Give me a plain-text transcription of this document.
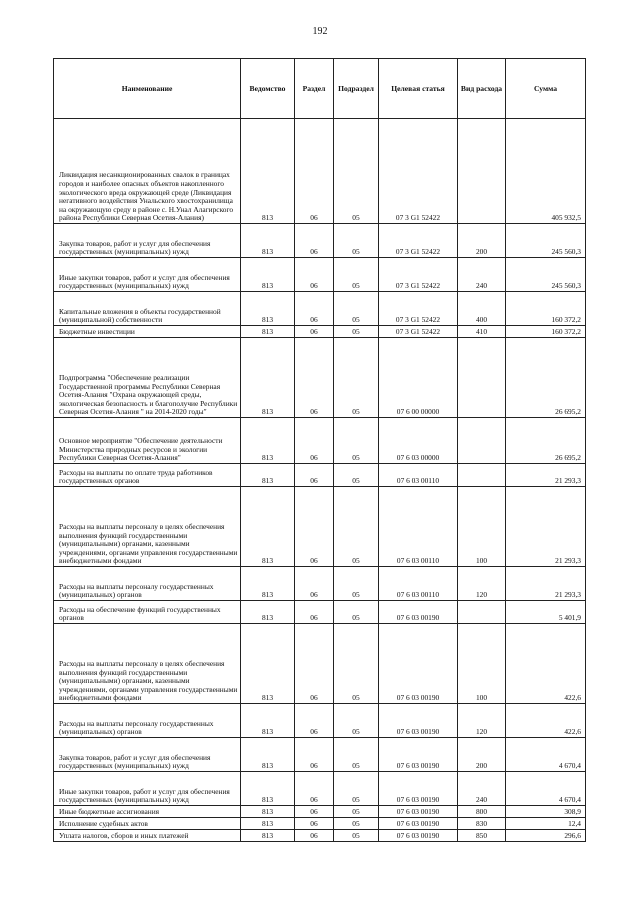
192
Наименование	Ведомство	Раздел	Подраздел	Целевая статья	Вид расхода	Сумма
Ликвидация несанкционированных свалок в границах городов и наиболее опасных объектов накопленного экологического вреда окружающей среде (Ликвидация негативного воздействия Унальского хвостохранилища на окружающую среду в районе с. Н.Унал Алагирского района Республики Северная Осетия-Алания)	813	06	05	07 3 G1 52422		405 932,5
Закупка товаров, работ и услуг для обеспечения государственных (муниципальных) нужд	813	06	05	07 3 G1 52422	200	245 560,3
Иные закупки товаров, работ и услуг для обеспечения государственных (муниципальных) нужд	813	06	05	07 3 G1 52422	240	245 560,3
Капитальные вложения в объекты государственной (муниципальной) собственности	813	06	05	07 3 G1 52422	400	160 372,2
Бюджетные инвестиции	813	06	05	07 3 G1 52422	410	160 372,2
Подпрограмма "Обеспечение реализации Государственной программы Республики Северная Осетия-Алания "Охрана окружающей среды, экологическая безопасность и благополучие Республики Северная Осетия-Алания " на 2014-2020 годы"	813	06	05	07 6 00 00000		26 695,2
Основное мероприятие "Обеспечение деятельности Министерства природных ресурсов и экологии Республики Северная Осетия-Алания"	813	06	05	07 6 03 00000		26 695,2
Расходы на выплаты по оплате труда работников государственных органов	813	06	05	07 6 03 00110		21 293,3
Расходы на выплаты персоналу в целях обеспечения выполнения функций государственными (муниципальными) органами, казенными учреждениями, органами управления государственными внебюджетными фондами	813	06	05	07 6 03 00110	100	21 293,3
Расходы на выплаты персоналу государственных (муниципальных) органов	813	06	05	07 6 03 00110	120	21 293,3
Расходы на обеспечение функций государственных органов	813	06	05	07 6 03 00190		5 401,9
Расходы на выплаты персоналу в целях обеспечения выполнения функций государственными (муниципальными) органами, казенными учреждениями, органами управления государственными внебюджетными фондами	813	06	05	07 6 03 00190	100	422,6
Расходы на выплаты персоналу государственных (муниципальных) органов	813	06	05	07 6 03 00190	120	422,6
Закупка товаров, работ и услуг для обеспечения государственных (муниципальных) нужд	813	06	05	07 6 03 00190	200	4 670,4
Иные закупки товаров, работ и услуг для обеспечения государственных (муниципальных) нужд	813	06	05	07 6 03 00190	240	4 670,4
Иные бюджетные ассигнования	813	06	05	07 6 03 00190	800	308,9
Исполнение судебных актов	813	06	05	07 6 03 00190	830	12,4
Уплата налогов, сборов и иных платежей	813	06	05	07 6 03 00190	850	296,6
